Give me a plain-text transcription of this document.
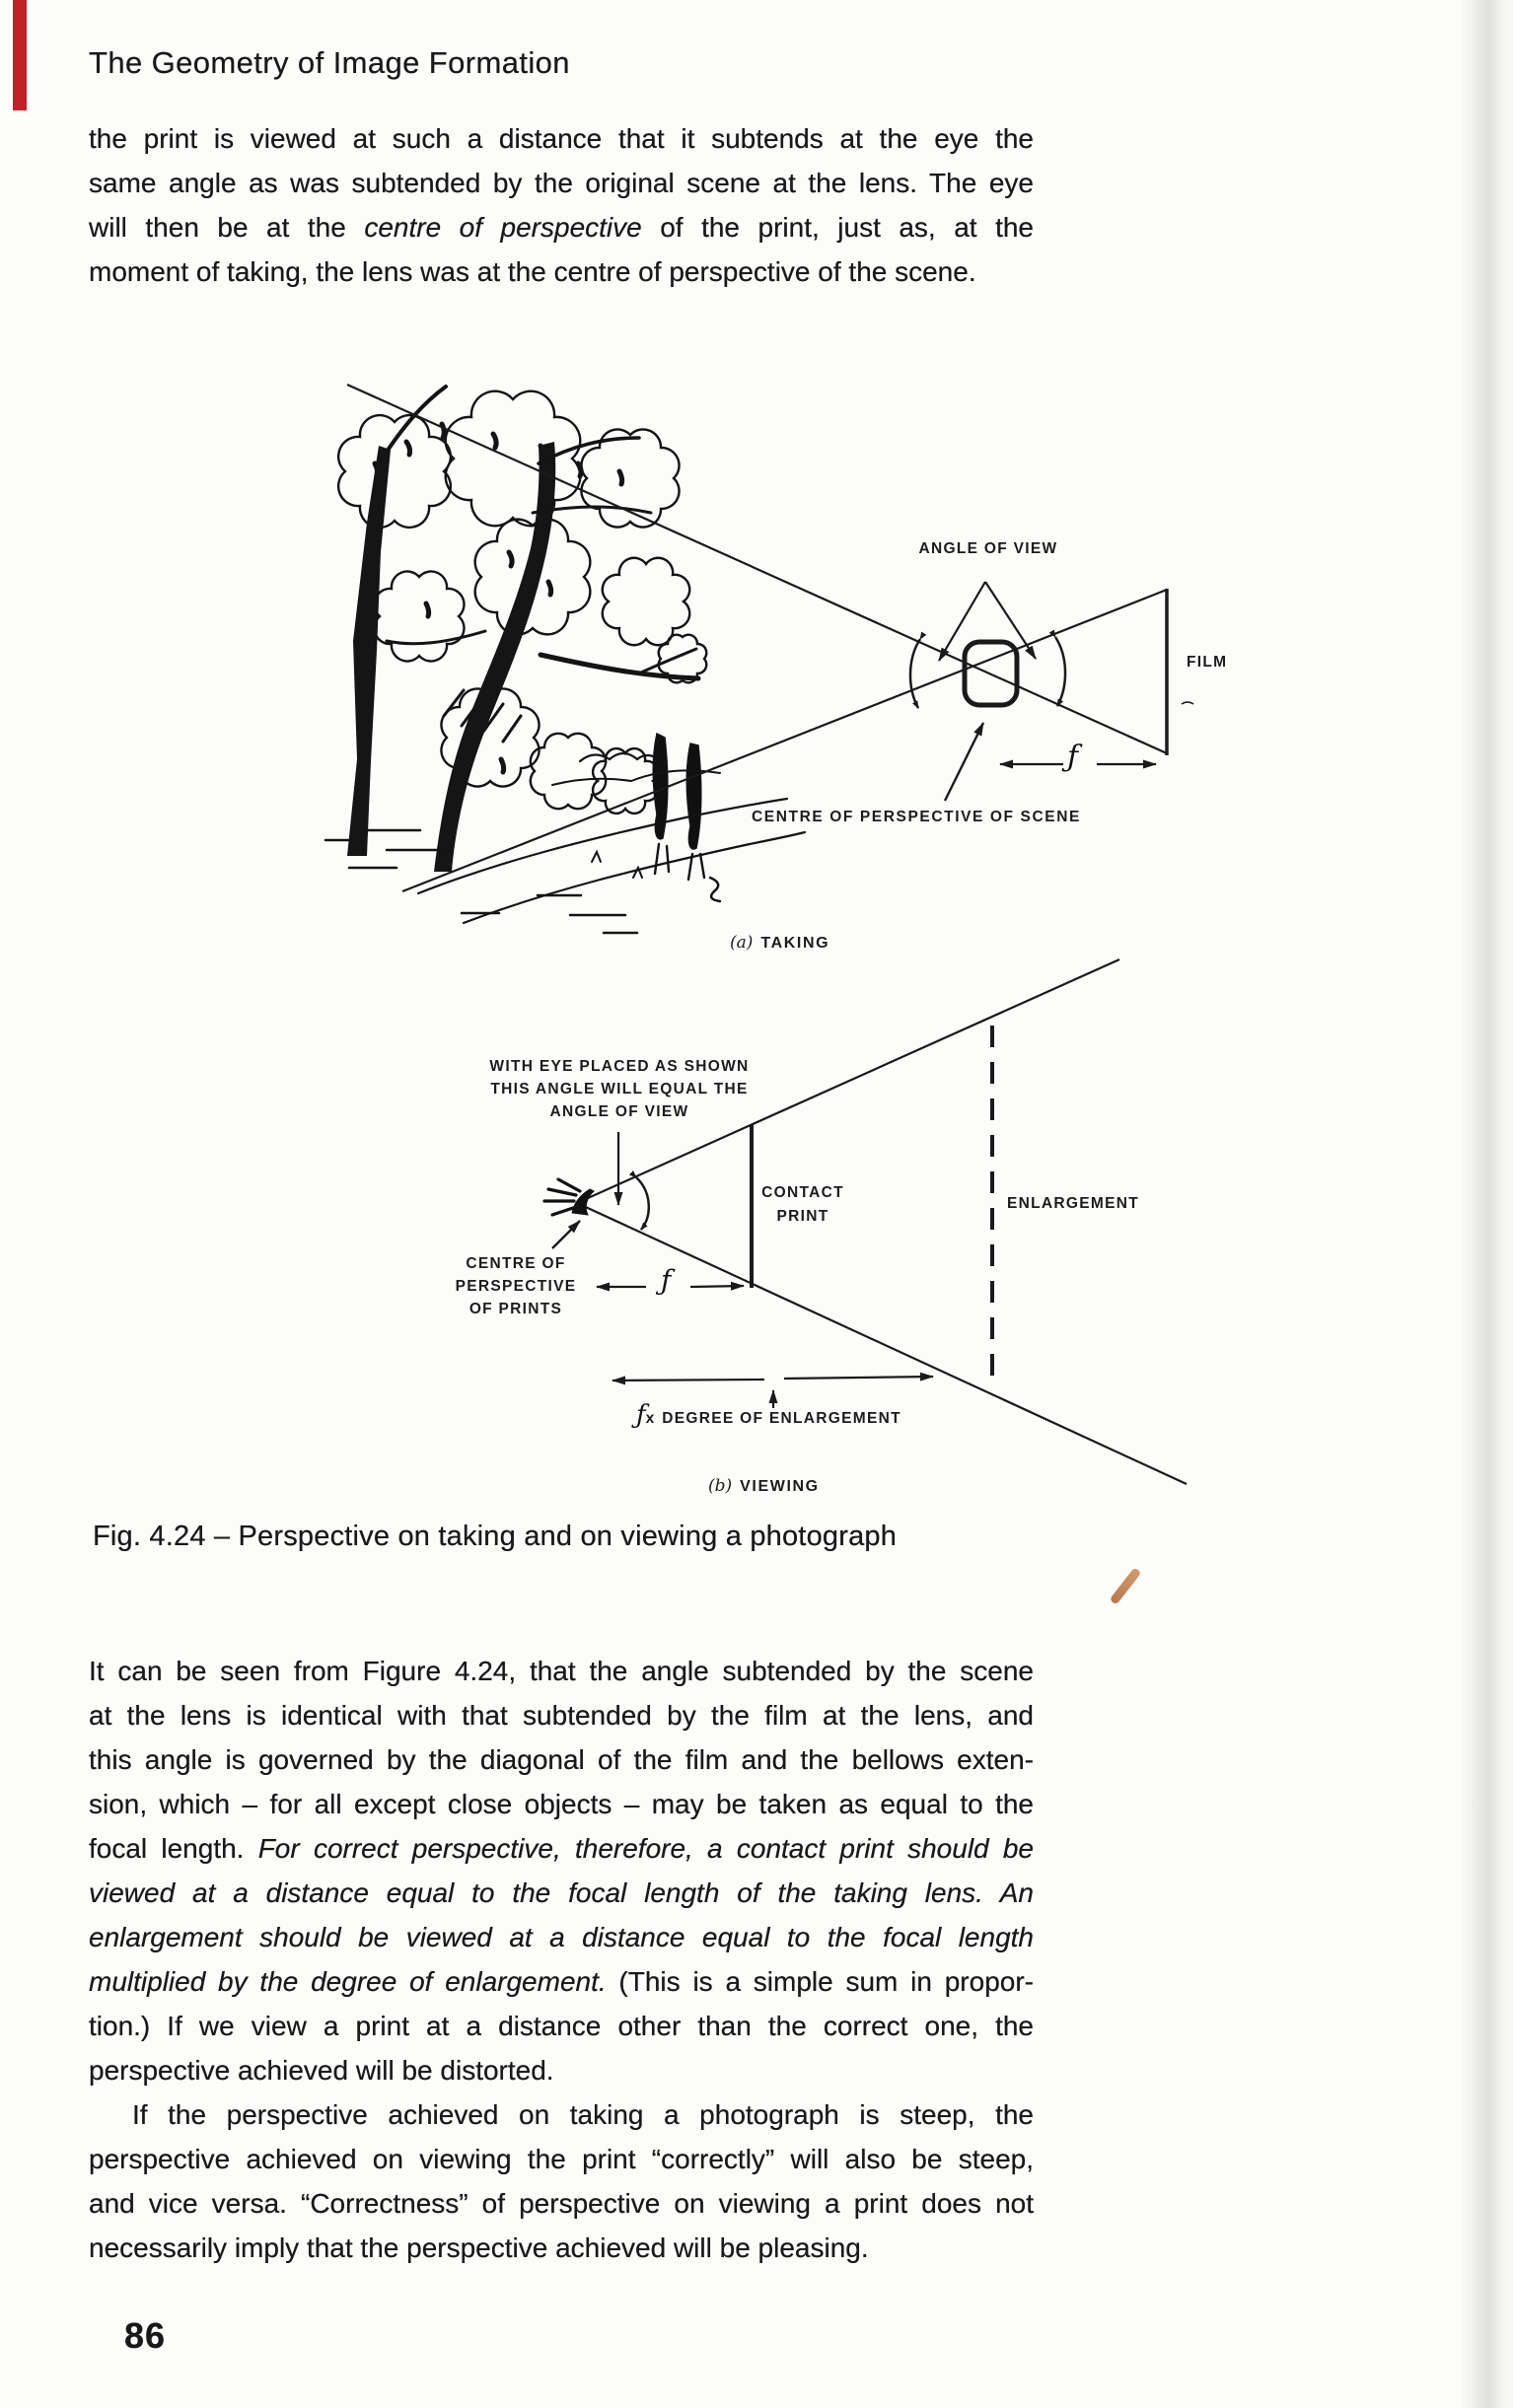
The Geometry of Image Formation
the print is viewed at such a distance that it subtends at the eye the
same angle as was subtended by the original scene at the lens. The eye
will then be at the centre of perspective of the print, just as, at the
moment of taking, the lens was at the centre of perspective of the scene.
ANGLE OF VIEW
FILM
ƒ
CENTRE OF PERSPECTIVE OF SCENE
(a) TAKING
WITH EYE PLACED AS SHOWN
THIS ANGLE WILL EQUAL THE
ANGLE OF VIEW
CONTACT
PRINT
ENLARGEMENT
CENTRE OF
PERSPECTIVE
OF PRINTS
ƒ
ƒx DEGREE OF ENLARGEMENT
(b) VIEWING
Fig. 4.24 – Perspective on taking and on viewing a photograph
It can be seen from Figure 4.24, that the angle subtended by the scene
at the lens is identical with that subtended by the film at the lens, and
this angle is governed by the diagonal of the film and the bellows exten-
sion, which – for all except close objects – may be taken as equal to the
focal length. For correct perspective, therefore, a contact print should be
viewed at a distance equal to the focal length of the taking lens. An
enlargement should be viewed at a distance equal to the focal length
multiplied by the degree of enlargement. (This is a simple sum in propor-
tion.) If we view a print at a distance other than the correct one, the
perspective achieved will be distorted.
If the perspective achieved on taking a photograph is steep, the
perspective achieved on viewing the print “correctly” will also be steep,
and vice versa. “Correctness” of perspective on viewing a print does not
necessarily imply that the perspective achieved will be pleasing.
86
